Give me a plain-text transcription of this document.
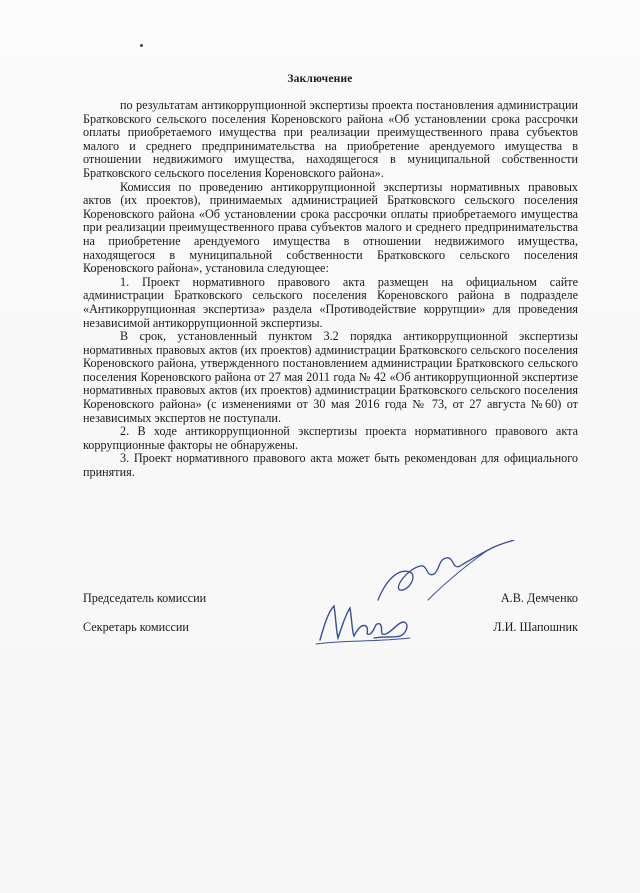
Заключение

по результатам антикоррупционной экспертизы проекта постановления администрации Братковского сельского поселения Кореновского района «Об установлении срока рассрочки оплаты приобретаемого имущества при реализации преимущественного права субъектов малого и среднего предпринимательства на приобретение арендуемого имущества в отношении недвижимого имущества, находящегося в муниципальной собственности Братковского сельского поселения Кореновского района».

Комиссия по проведению антикоррупционной экспертизы нормативных правовых актов (их проектов), принимаемых администрацией Братковского сельского поселения Кореновского района «Об установлении срока рассрочки оплаты приобретаемого имущества при реализации преимущественного права субъектов малого и среднего предпринимательства на приобретение арендуемого имущества в отношении недвижимого имущества, находящегося в муниципальной собственности Братковского сельского поселения Кореновского района», установила следующее:

1. Проект нормативного правового акта размещен на официальном сайте администрации Братковского сельского поселения Кореновского района в подразделе «Антикоррупционная экспертиза» раздела «Противодействие коррупции» для проведения независимой антикоррупционной экспертизы.

В срок, установленный пунктом 3.2 порядка антикоррупционной экспертизы нормативных правовых актов (их проектов) администрации Братковского сельского поселения Кореновского района, утвержденного постановлением администрации Братковского сельского поселения Кореновского района от 27 мая 2011 года № 42 «Об антикоррупционной экспертизе нормативных правовых актов (их проектов) администрации Братковского сельского поселения Кореновского района» (с изменениями от 30 мая 2016 года № 73, от 27 августа №60) от независимых экспертов не поступали.

2. В ходе антикоррупционной экспертизы проекта нормативного правового акта коррупционные факторы не обнаружены.

3. Проект нормативного правового акта может быть рекомендован для официального принятия.

Председатель комиссии	А.В. Демченко
Секретарь комиссии	Л.И. Шапошник
